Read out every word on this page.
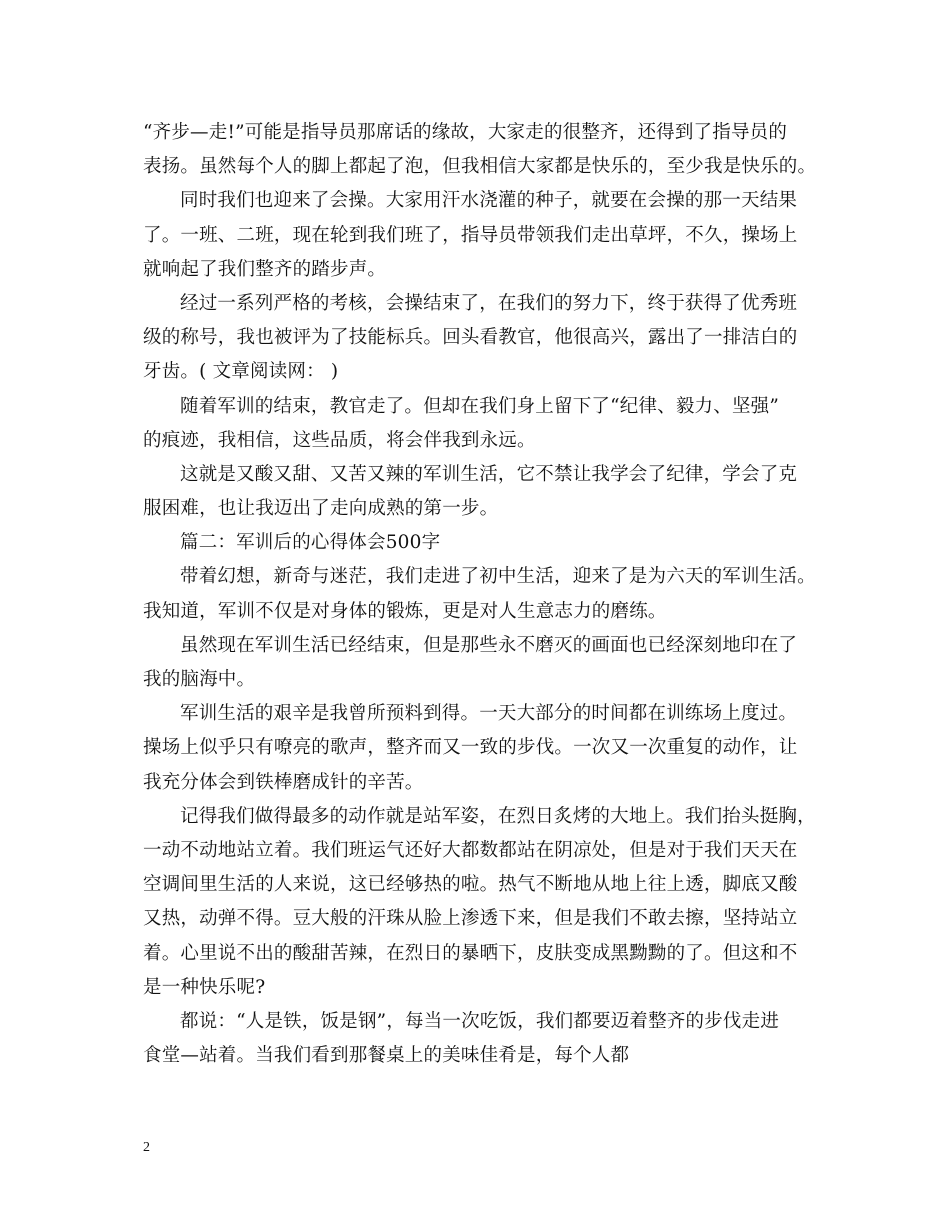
“齐步—走!”可能是指导员那席话的缘故，大家走的很整齐，还得到了指导员的
表扬。虽然每个人的脚上都起了泡，但我相信大家都是快乐的，至少我是快乐的。
同时我们也迎来了会操。大家用汗水浇灌的种子，就要在会操的那一天结果
了。一班、二班，现在轮到我们班了，指导员带领我们走出草坪，不久，操场上
就响起了我们整齐的踏步声。
经过一系列严格的考核，会操结束了，在我们的努力下，终于获得了优秀班
级的称号，我也被评为了技能标兵。回头看教官，他很高兴，露出了一排洁白的
牙齿。( 文章阅读网： )
随着军训的结束，教官走了。但却在我们身上留下了“纪律、毅力、坚强”
的痕迹，我相信，这些品质，将会伴我到永远。
这就是又酸又甜、又苦又辣的军训生活，它不禁让我学会了纪律，学会了克
服困难，也让我迈出了走向成熟的第一步。
篇二：军训后的心得体会500字
带着幻想，新奇与迷茫，我们走进了初中生活，迎来了是为六天的军训生活。
我知道，军训不仅是对身体的锻炼，更是对人生意志力的磨练。
虽然现在军训生活已经结束，但是那些永不磨灭的画面也已经深刻地印在了
我的脑海中。
军训生活的艰辛是我曾所预料到得。一天大部分的时间都在训练场上度过。
操场上似乎只有嘹亮的歌声，整齐而又一致的步伐。一次又一次重复的动作，让
我充分体会到铁棒磨成针的辛苦。
记得我们做得最多的动作就是站军姿，在烈日炙烤的大地上。我们抬头挺胸，
一动不动地站立着。我们班运气还好大都数都站在阴凉处，但是对于我们天天在
空调间里生活的人来说，这已经够热的啦。热气不断地从地上往上透，脚底又酸
又热，动弹不得。豆大般的汗珠从脸上渗透下来，但是我们不敢去擦，坚持站立
着。心里说不出的酸甜苦辣，在烈日的暴晒下，皮肤变成黑黝黝的了。但这和不
是一种快乐呢?
都说：“人是铁，饭是钢”，每当一次吃饭，我们都要迈着整齐的步伐走进
食堂—站着。当我们看到那餐桌上的美味佳肴是，每个人都
2
